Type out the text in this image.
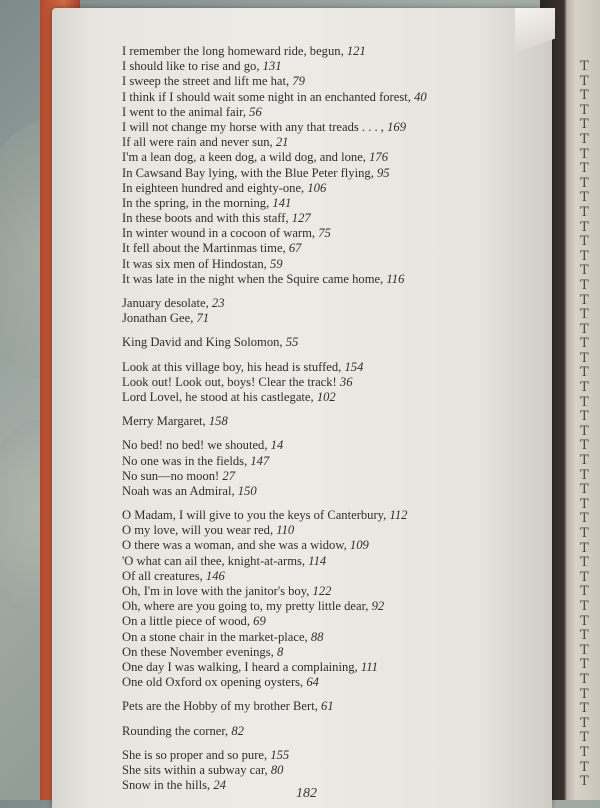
T
T
T
T
T
T
T
T
T
T
T
T
T
T
T
T
T
T
T
T
T
T
T
T
T
T
T
T
T
T
T
T
T
T
T
T
T
T
T
T
T
T
T
T
T
T
T
T
T
T
I remember the long homeward ride, begun, 121
I should like to rise and go, 131
I sweep the street and lift me hat, 79
I think if I should wait some night in an enchanted forest, 40
I went to the animal fair, 56
I will not change my horse with any that treads . . . , 169
If all were rain and never sun, 21
I'm a lean dog, a keen dog, a wild dog, and lone, 176
In Cawsand Bay lying, with the Blue Peter flying, 95
In eighteen hundred and eighty-one, 106
In the spring, in the morning, 141
In these boots and with this staff, 127
In winter wound in a cocoon of warm, 75
It fell about the Martinmas time, 67
It was six men of Hindostan, 59
It was late in the night when the Squire came home, 116
January desolate, 23
Jonathan Gee, 71
King David and King Solomon, 55
Look at this village boy, his head is stuffed, 154
Look out! Look out, boys! Clear the track! 36
Lord Lovel, he stood at his castlegate, 102
Merry Margaret, 158
No bed! no bed! we shouted, 14
No one was in the fields, 147
No sun—no moon! 27
Noah was an Admiral, 150
O Madam, I will give to you the keys of Canterbury, 112
O my love, will you wear red, 110
O there was a woman, and she was a widow, 109
'O what can ail thee, knight-at-arms, 114
Of all creatures, 146
Oh, I'm in love with the janitor's boy, 122
Oh, where are you going to, my pretty little dear, 92
On a little piece of wood, 69
On a stone chair in the market-place, 88
On these November evenings, 8
One day I was walking, I heard a complaining, 111
One old Oxford ox opening oysters, 64
Pets are the Hobby of my brother Bert, 61
Rounding the corner, 82
She is so proper and so pure, 155
She sits within a subway car, 80
Snow in the hills, 24
182
